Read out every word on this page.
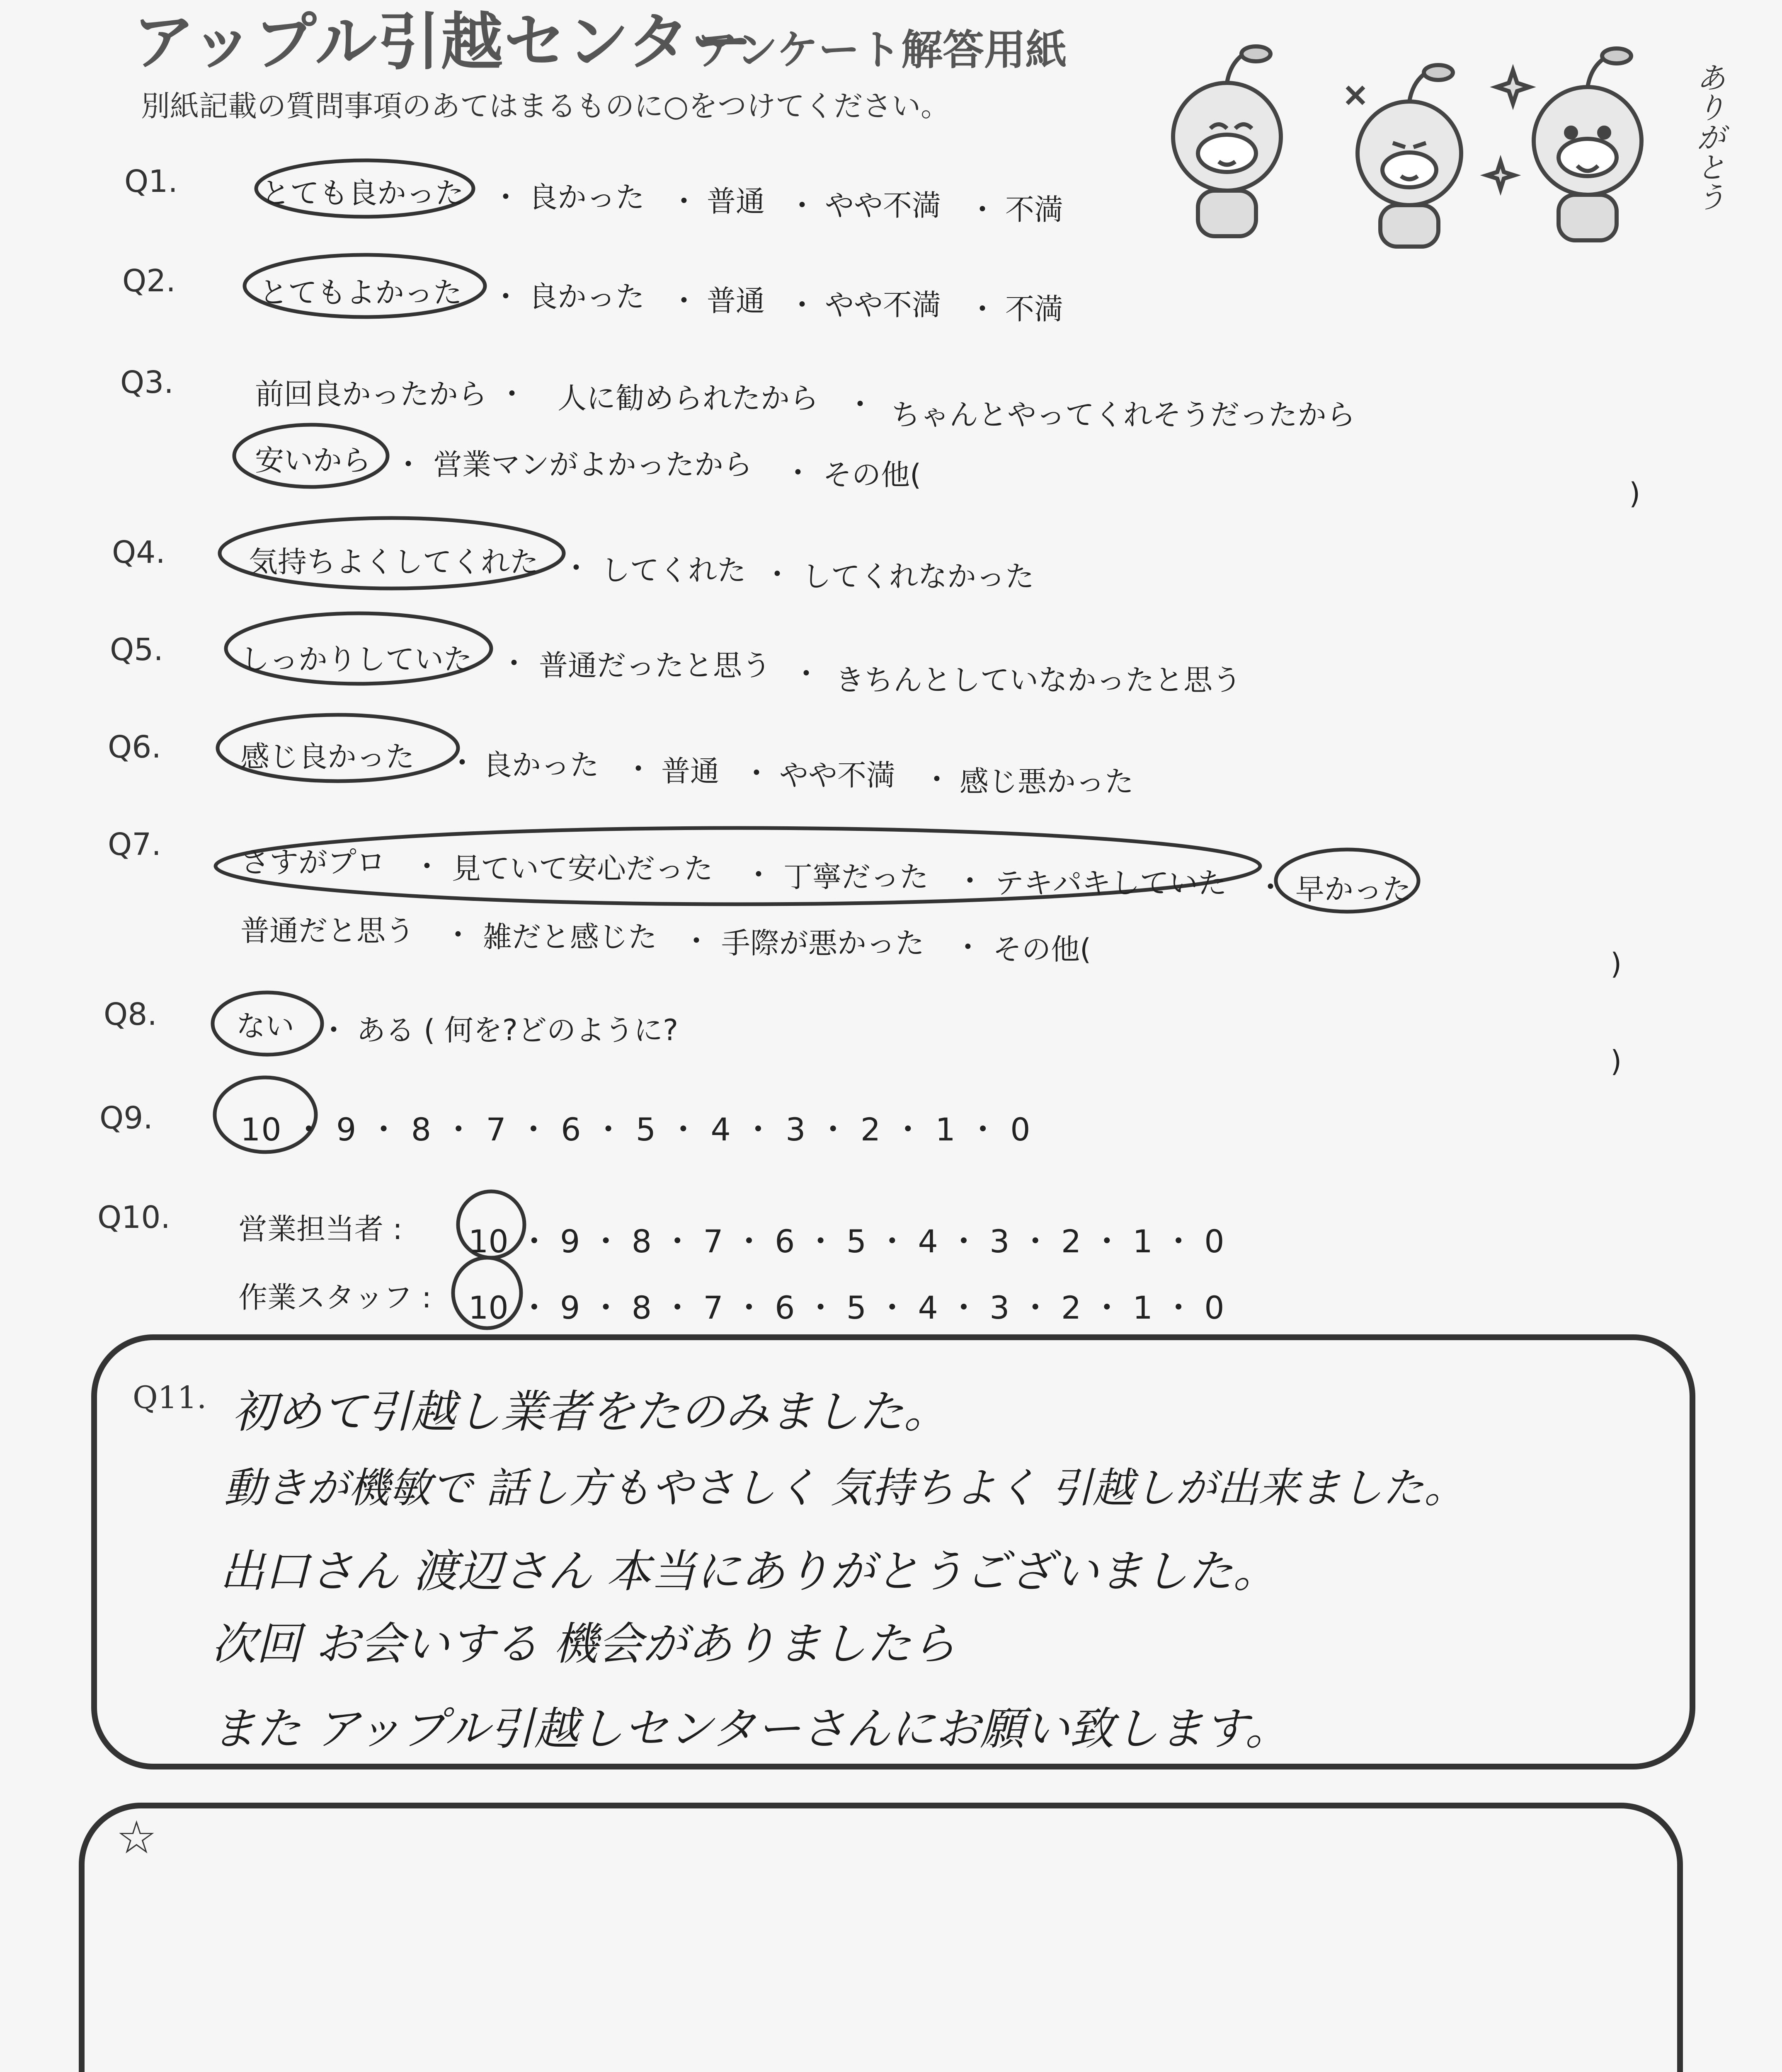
アップル引越センター
アンケート解答用紙
別紙記載の質問事項のあてはまるものに○をつけてください。	ありがとう
Q1.	とても良かった 良かった 普通 やや不満 不満
・	・	・	・
Q2.	とてもよかった 良かった 普通 やや不満 不満
・	・	・	・
Q3.	前回良かったから 人に勧められたから	ちゃんとやってくれそうだったから
・	・
安いから 営業マンがよかったから その他(
・	・
)
Q4.	気持ちよくしてくれた してくれた してくれなかった
・	・
Q5.	しっかりしていた 普通だったと思う きちんとしていなかったと思う
・	・
Q6.	感じ良かった 良かった 普通 やや不満 感じ悪かった
・	・	・	・
Q7.	さすがプロ 見ていて安心だった 丁寧だった テキパキしていた 早かった
・	・	・	・
普通だと思う 雑だと感じた 手際が悪かった その他(
・	・	・	)
Q8.	ない ・ ある ( 何を?どのように?
)
Q9.	10 ・ 9 ・ 8 ・ 7 ・ 6 ・ 5 ・ 4 ・ 3 ・ 2 ・ 1 ・ 0
Q10. 営業担当者 : 10 ・ 9 ・ 8 ・ 7 ・ 6 ・ 5 ・ 4 ・ 3 ・ 2 ・ 1 ・ 0
作業スタッフ : 10 ・ 9 ・ 8 ・ 7 ・ 6 ・ 5 ・ 4 ・ 3 ・ 2 ・ 1 ・ 0
Q11. 初めて引越し業者をたのみました。
動きが機敏で 話し方もやさしく 気持ちよく 引越しが出来ました。
出口さん 渡辺さん 本当にありがとうございました。
次回 お会いする 機会がありましたら
また アップル引越しセンターさんにお願い致します。
☆
